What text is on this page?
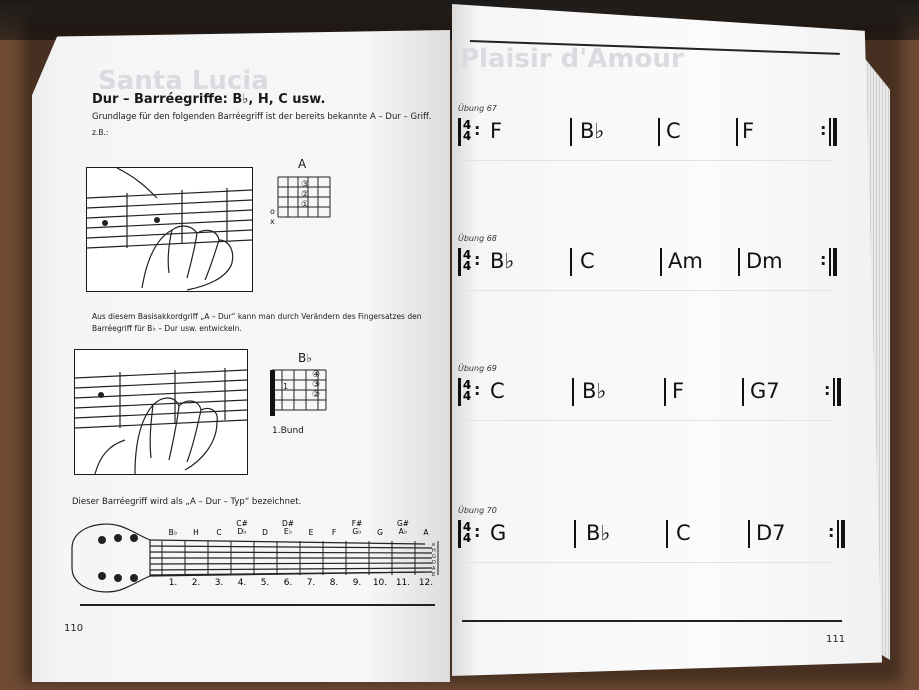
Santa Lucia
Dur – Barréegriffe: B♭, H, C usw.
Grundlage für den folgenden Barréegriff ist der bereits bekannte A – Dur – Griff.
z.B.:
A
③
②
①
o
x
Aus diesem Basisakkordgriff „A – Dur“ kann man durch Verändern des Fingersatzes den
Barréegriff für B♭ – Dur usw. entwickeln.
B♭
1
④
③
②
1.Bund
Dieser Barréegriff wird als „A – Dur – Typ“ bezeichnet.
B♭	H	C
C#
D♭	D
D#
E♭	E	F
F#
G♭	G
G#
A♭	A
1.	2.	3.	4.	5.	6.	7.	8.	9.	10. 11. 12.
e
H
G
D
A
E
110
Plaisir d'Amour
Übung 67
4
4 : F	B♭	C	F	:
Übung 68
4
4 : B♭	C	Am Dm :
Übung 69
4
4 : C	B♭	F	G7	:
Übung 70
4
4 : G	B♭	C	D7	:
111
